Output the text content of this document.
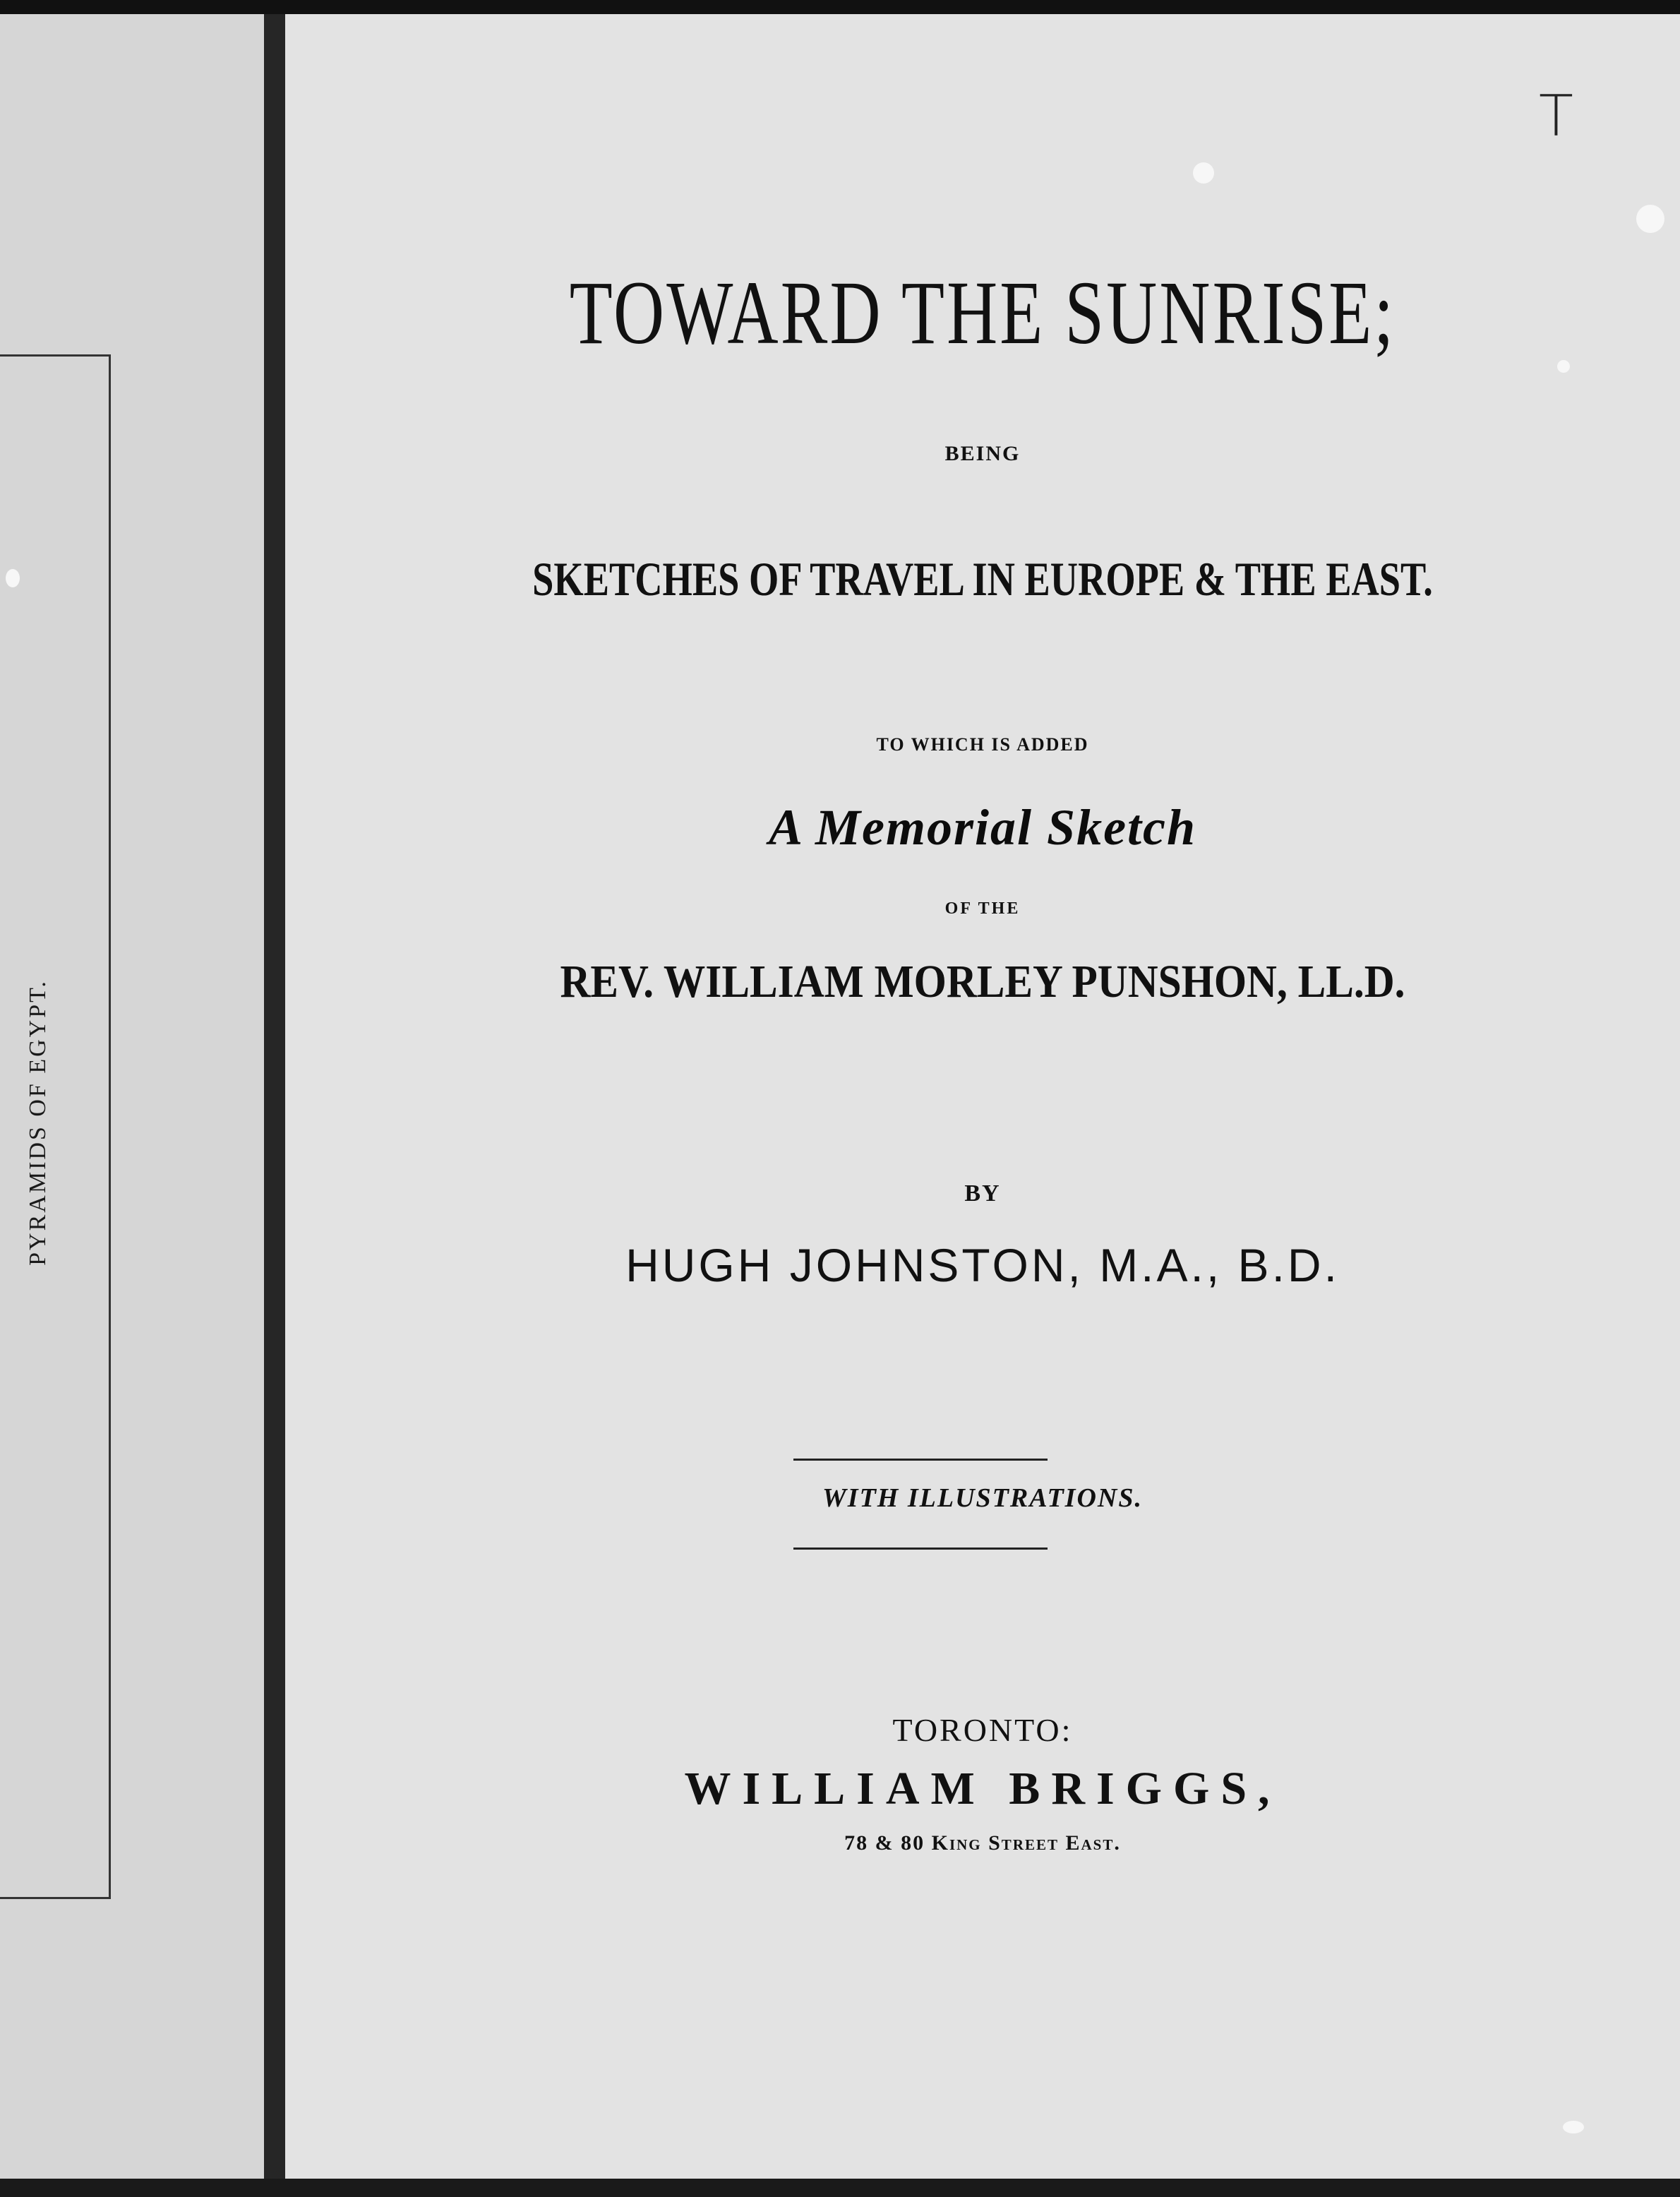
PYRAMIDS OF EGYPT.
T
TOWARD THE SUNRISE;
BEING
SKETCHES OF TRAVEL IN EUROPE & THE EAST.
TO WHICH IS ADDED
A Memorial Sketch
OF THE
REV. WILLIAM MORLEY PUNSHON, LL.D.
BY
HUGH JOHNSTON, M.A., B.D.
WITH ILLUSTRATIONS.
TORONTO:
WILLIAM BRIGGS,
78 & 80 King Street East.
